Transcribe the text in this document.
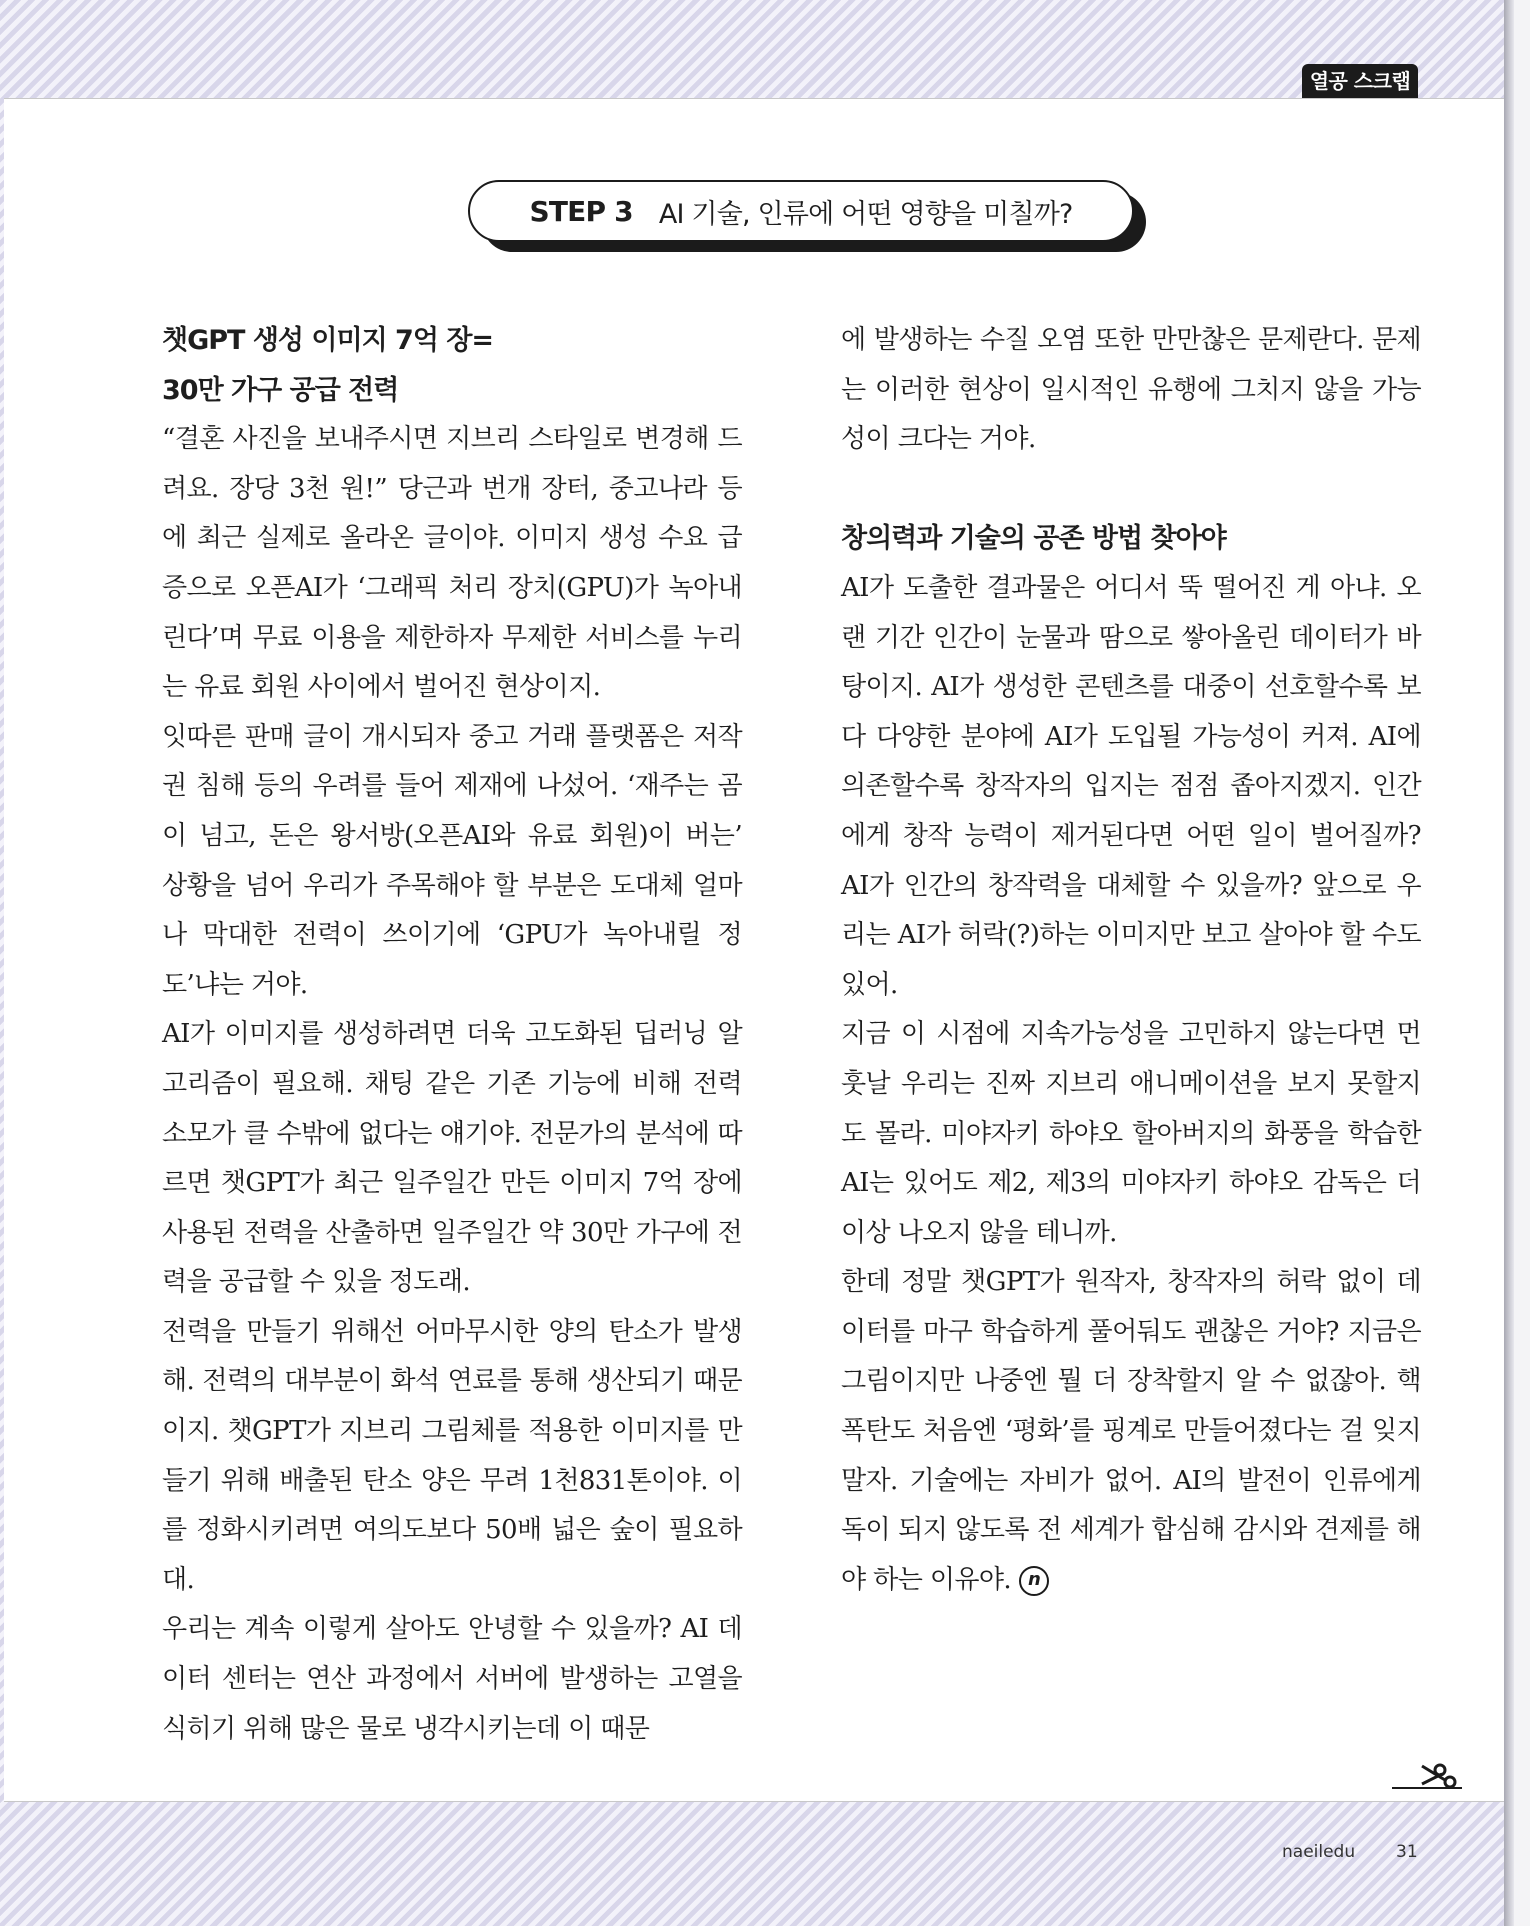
열공 스크랩
STEP 3 AI 기술, 인류에 어떤 영향을 미칠까?
챗GPT 생성 이미지 7억 장=
30만 가구 공급 전력

“결혼 사진을 보내주시면 지브리 스타일로 변경해 드려요. 장당 3천 원!” 당근과 번개 장터, 중고나라 등에 최근 실제로 올라온 글이야. 이미지 생성 수요 급증으로 오픈AI가 ‘그래픽 처리 장치(GPU)가 녹아내린다’며 무료 이용을 제한하자 무제한 서비스를 누리는 유료 회원 사이에서 벌어진 현상이지.

잇따른 판매 글이 개시되자 중고 거래 플랫폼은 저작권 침해 등의 우려를 들어 제재에 나섰어. ‘재주는 곰이 넘고, 돈은 왕서방(오픈AI와 유료 회원)이 버는’ 상황을 넘어 우리가 주목해야 할 부분은 도대체 얼마나 막대한 전력이 쓰이기에 ‘GPU가 녹아내릴 정도’냐는 거야.

AI가 이미지를 생성하려면 더욱 고도화된 딥러닝 알고리즘이 필요해. 채팅 같은 기존 기능에 비해 전력 소모가 클 수밖에 없다는 얘기야. 전문가의 분석에 따르면 챗GPT가 최근 일주일간 만든 이미지 7억 장에 사용된 전력을 산출하면 일주일간 약 30만 가구에 전력을 공급할 수 있을 정도래.

전력을 만들기 위해선 어마무시한 양의 탄소가 발생해. 전력의 대부분이 화석 연료를 통해 생산되기 때문이지. 챗GPT가 지브리 그림체를 적용한 이미지를 만들기 위해 배출된 탄소 양은 무려 1천831톤이야. 이를 정화시키려면 여의도보다 50배 넓은 숲이 필요하대.

우리는 계속 이렇게 살아도 안녕할 수 있을까? AI 데이터 센터는 연산 과정에서 서버에 발생하는 고열을 식히기 위해 많은 물로 냉각시키는데 이 때문

에 발생하는 수질 오염 또한 만만찮은 문제란다. 문제는 이러한 현상이 일시적인 유행에 그치지 않을 가능성이 크다는 거야.

창의력과 기술의 공존 방법 찾아야

AI가 도출한 결과물은 어디서 뚝 떨어진 게 아냐. 오랜 기간 인간이 눈물과 땀으로 쌓아올린 데이터가 바탕이지. AI가 생성한 콘텐츠를 대중이 선호할수록 보다 다양한 분야에 AI가 도입될 가능성이 커져. AI에 의존할수록 창작자의 입지는 점점 좁아지겠지. 인간에게 창작 능력이 제거된다면 어떤 일이 벌어질까? AI가 인간의 창작력을 대체할 수 있을까? 앞으로 우리는 AI가 허락(?)하는 이미지만 보고 살아야 할 수도 있어.

지금 이 시점에 지속가능성을 고민하지 않는다면 먼 훗날 우리는 진짜 지브리 애니메이션을 보지 못할지도 몰라. 미야자키 하야오 할아버지의 화풍을 학습한 AI는 있어도 제2, 제3의 미야자키 하야오 감독은 더 이상 나오지 않을 테니까.

한데 정말 챗GPT가 원작자, 창작자의 허락 없이 데이터를 마구 학습하게 풀어둬도 괜찮은 거야? 지금은 그림이지만 나중엔 뭘 더 장착할지 알 수 없잖아. 핵폭탄도 처음엔 ‘평화’를 핑계로 만들어졌다는 걸 잊지 말자. 기술에는 자비가 없어. AI의 발전이 인류에게 독이 되지 않도록 전 세계가 합심해 감시와 견제를 해야 하는 이유야. n

naeiledu 31
